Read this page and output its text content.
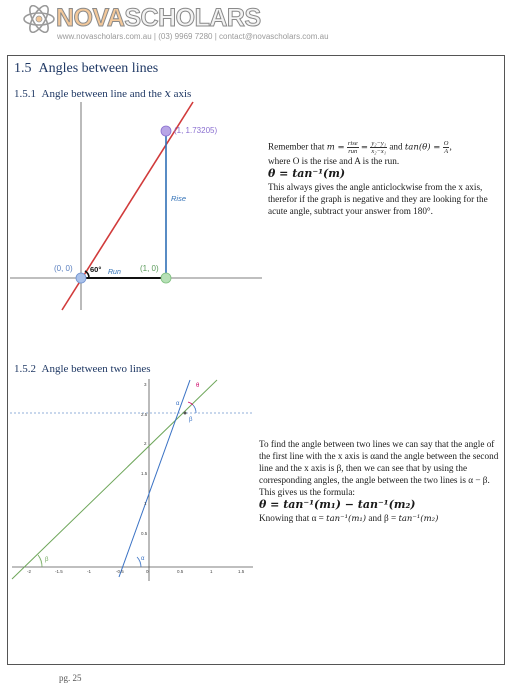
NOVASCHOLARS
www.novascholars.com.au | (03) 9969 7280 | contact@novascholars.com.au
1.5 Angles between lines
1.5.1 Angle between line and the x axis
(1, 1.73205)
(0, 0)	(1, 0)
Rise
Run
60°

Remember that $m = \frac{\text{rise}}{\text{run}} = \frac{\text{y₂−y₁}}{\text{x₂−x₁}}$ and $\tan(\theta) = \frac{O}{A}$ ,

where O is the rise and A is the run.

θ = tan⁻¹(m)

This always gives the angle anticlockwise from the x axis, therefor if the graph is negative and they are looking for the acute angle, subtract your answer from 180°.

1.5.2 Angle between two lines
-2	-1.5	-1	-0.5	0	0.5	1	1.5
3
2.5
2
1.5
1
0.5
β	α
α
β
θ

To find the angle between two lines we can say that the angle of the first line with the x axis is αand the angle between the second line and the x axis is β, then we can see that by using the corresponding angles, the angle between the two lines is α − β. This gives us the formula:

θ = tan⁻¹(m₁) − tan⁻¹(m₂)

Knowing that α = tan⁻¹(m₁) and β = tan⁻¹(m₂)

pg. 25
